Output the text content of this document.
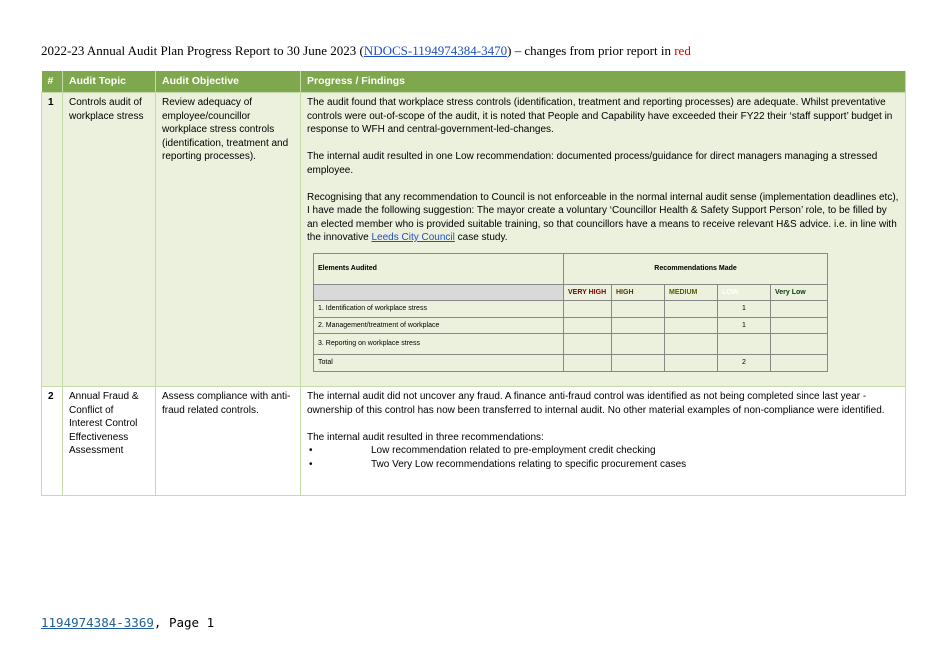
2022-23 Annual Audit Plan Progress Report to 30 June 2023 (NDOCS-1194974384-3470) – changes from prior report in red
#	Audit Topic	Audit Objective	Progress / Findings
1	Controls audit of workplace stress	Review adequacy of employee/councillor workplace stress controls (identification, treatment and reporting processes).	

The audit found that workplace stress controls (identification, treatment and reporting processes) are adequate. Whilst preventative controls were out-of-scope of the audit, it is noted that People and Capability have exceeded their FY22 their ‘staff support’ budget in response to WFH and central-government-led-changes.

The internal audit resulted in one Low recommendation: documented process/guidance for direct managers managing a stressed employee.

Recognising that any recommendation to Council is not enforceable in the normal internal audit sense (implementation deadlines etc), I have made the following suggestion: The mayor create a voluntary ‘Councillor Health & Safety Support Person’ role, to be filled by an elected member who is provided suitable training, so that councillors have a means to receive relevant H&S advice. i.e. in line with the innovative Leeds City Council case study.

Elements Audited	Recommendations Made
	VERY HIGH	HIGH	MEDIUM	LOW	Very Low
1. Identification of workplace stress				1	
2. Management/treatment of workplace				1	
3. Reporting on workplace stress					
Total				2	

2	Annual Fraud & Conflict of Interest Control Effectiveness Assessment	Assess compliance with anti-fraud related controls.	

The internal audit did not uncover any fraud. A finance anti-fraud control was identified as not being completed since last year - ownership of this control has now been transferred to internal audit. No other material examples of non-compliance were identified.

The internal audit resulted in three recommendations:

•	Low recommendation related to pre-employment credit checking
•	Two Very Low recommendations relating to specific procurement cases
1194974384-3369, Page 1
